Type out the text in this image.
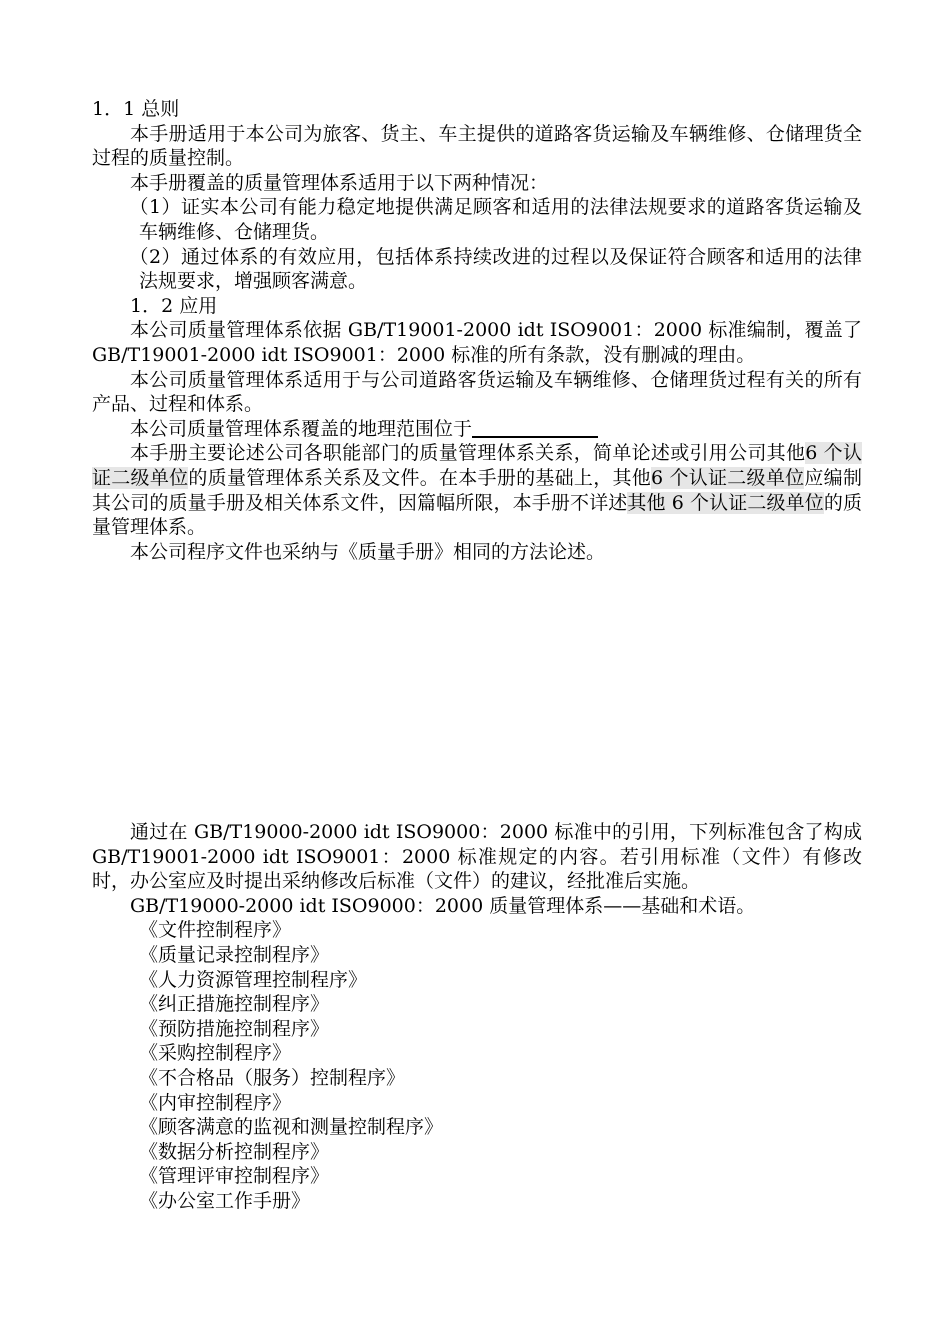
1．1 总则

本手册适用于本公司为旅客、货主、车主提供的道路客货运输及车辆维修、仓储理货全过程的质量控制。

本手册覆盖的质量管理体系适用于以下两种情况：

（1）证实本公司有能力稳定地提供满足顾客和适用的法律法规要求的道路客货运输及车辆维修、仓储理货。

（2）通过体系的有效应用，包括体系持续改进的过程以及保证符合顾客和适用的法律法规要求，增强顾客满意。

1．2 应用

本公司质量管理体系依据 GB/T19001-2000 idt ISO9001：2000 标准编制，覆盖了 GB/T19001-2000 idt ISO9001：2000 标准的所有条款，没有删减的理由。

本公司质量管理体系适用于与公司道路客货运输及车辆维修、仓储理货过程有关的所有产品、过程和体系。

本公司质量管理体系覆盖的地理范围位于

本手册主要论述公司各职能部门的质量管理体系关系，简单论述或引用公司其他6 个认证二级单位的质量管理体系关系及文件。在本手册的基础上，其他6 个认证二级单位应编制其公司的质量手册及相关体系文件，因篇幅所限，本手册不详述其他 6 个认证二级单位的质量管理体系。

本公司程序文件也采纳与《质量手册》相同的方法论述。

通过在 GB/T19000-2000 idt ISO9000：2000 标准中的引用，下列标准包含了构成 GB/T19001-2000 idt ISO9001：2000 标准规定的内容。若引用标准（文件）有修改时，办公室应及时提出采纳修改后标准（文件）的建议，经批准后实施。

GB/T19000-2000 idt ISO9000：2000 质量管理体系——基础和术语。

《文件控制程序》

《质量记录控制程序》

《人力资源管理控制程序》

《纠正措施控制程序》

《预防措施控制程序》

《采购控制程序》

《不合格品（服务）控制程序》

《内审控制程序》

《顾客满意的监视和测量控制程序》

《数据分析控制程序》

《管理评审控制程序》

《办公室工作手册》
